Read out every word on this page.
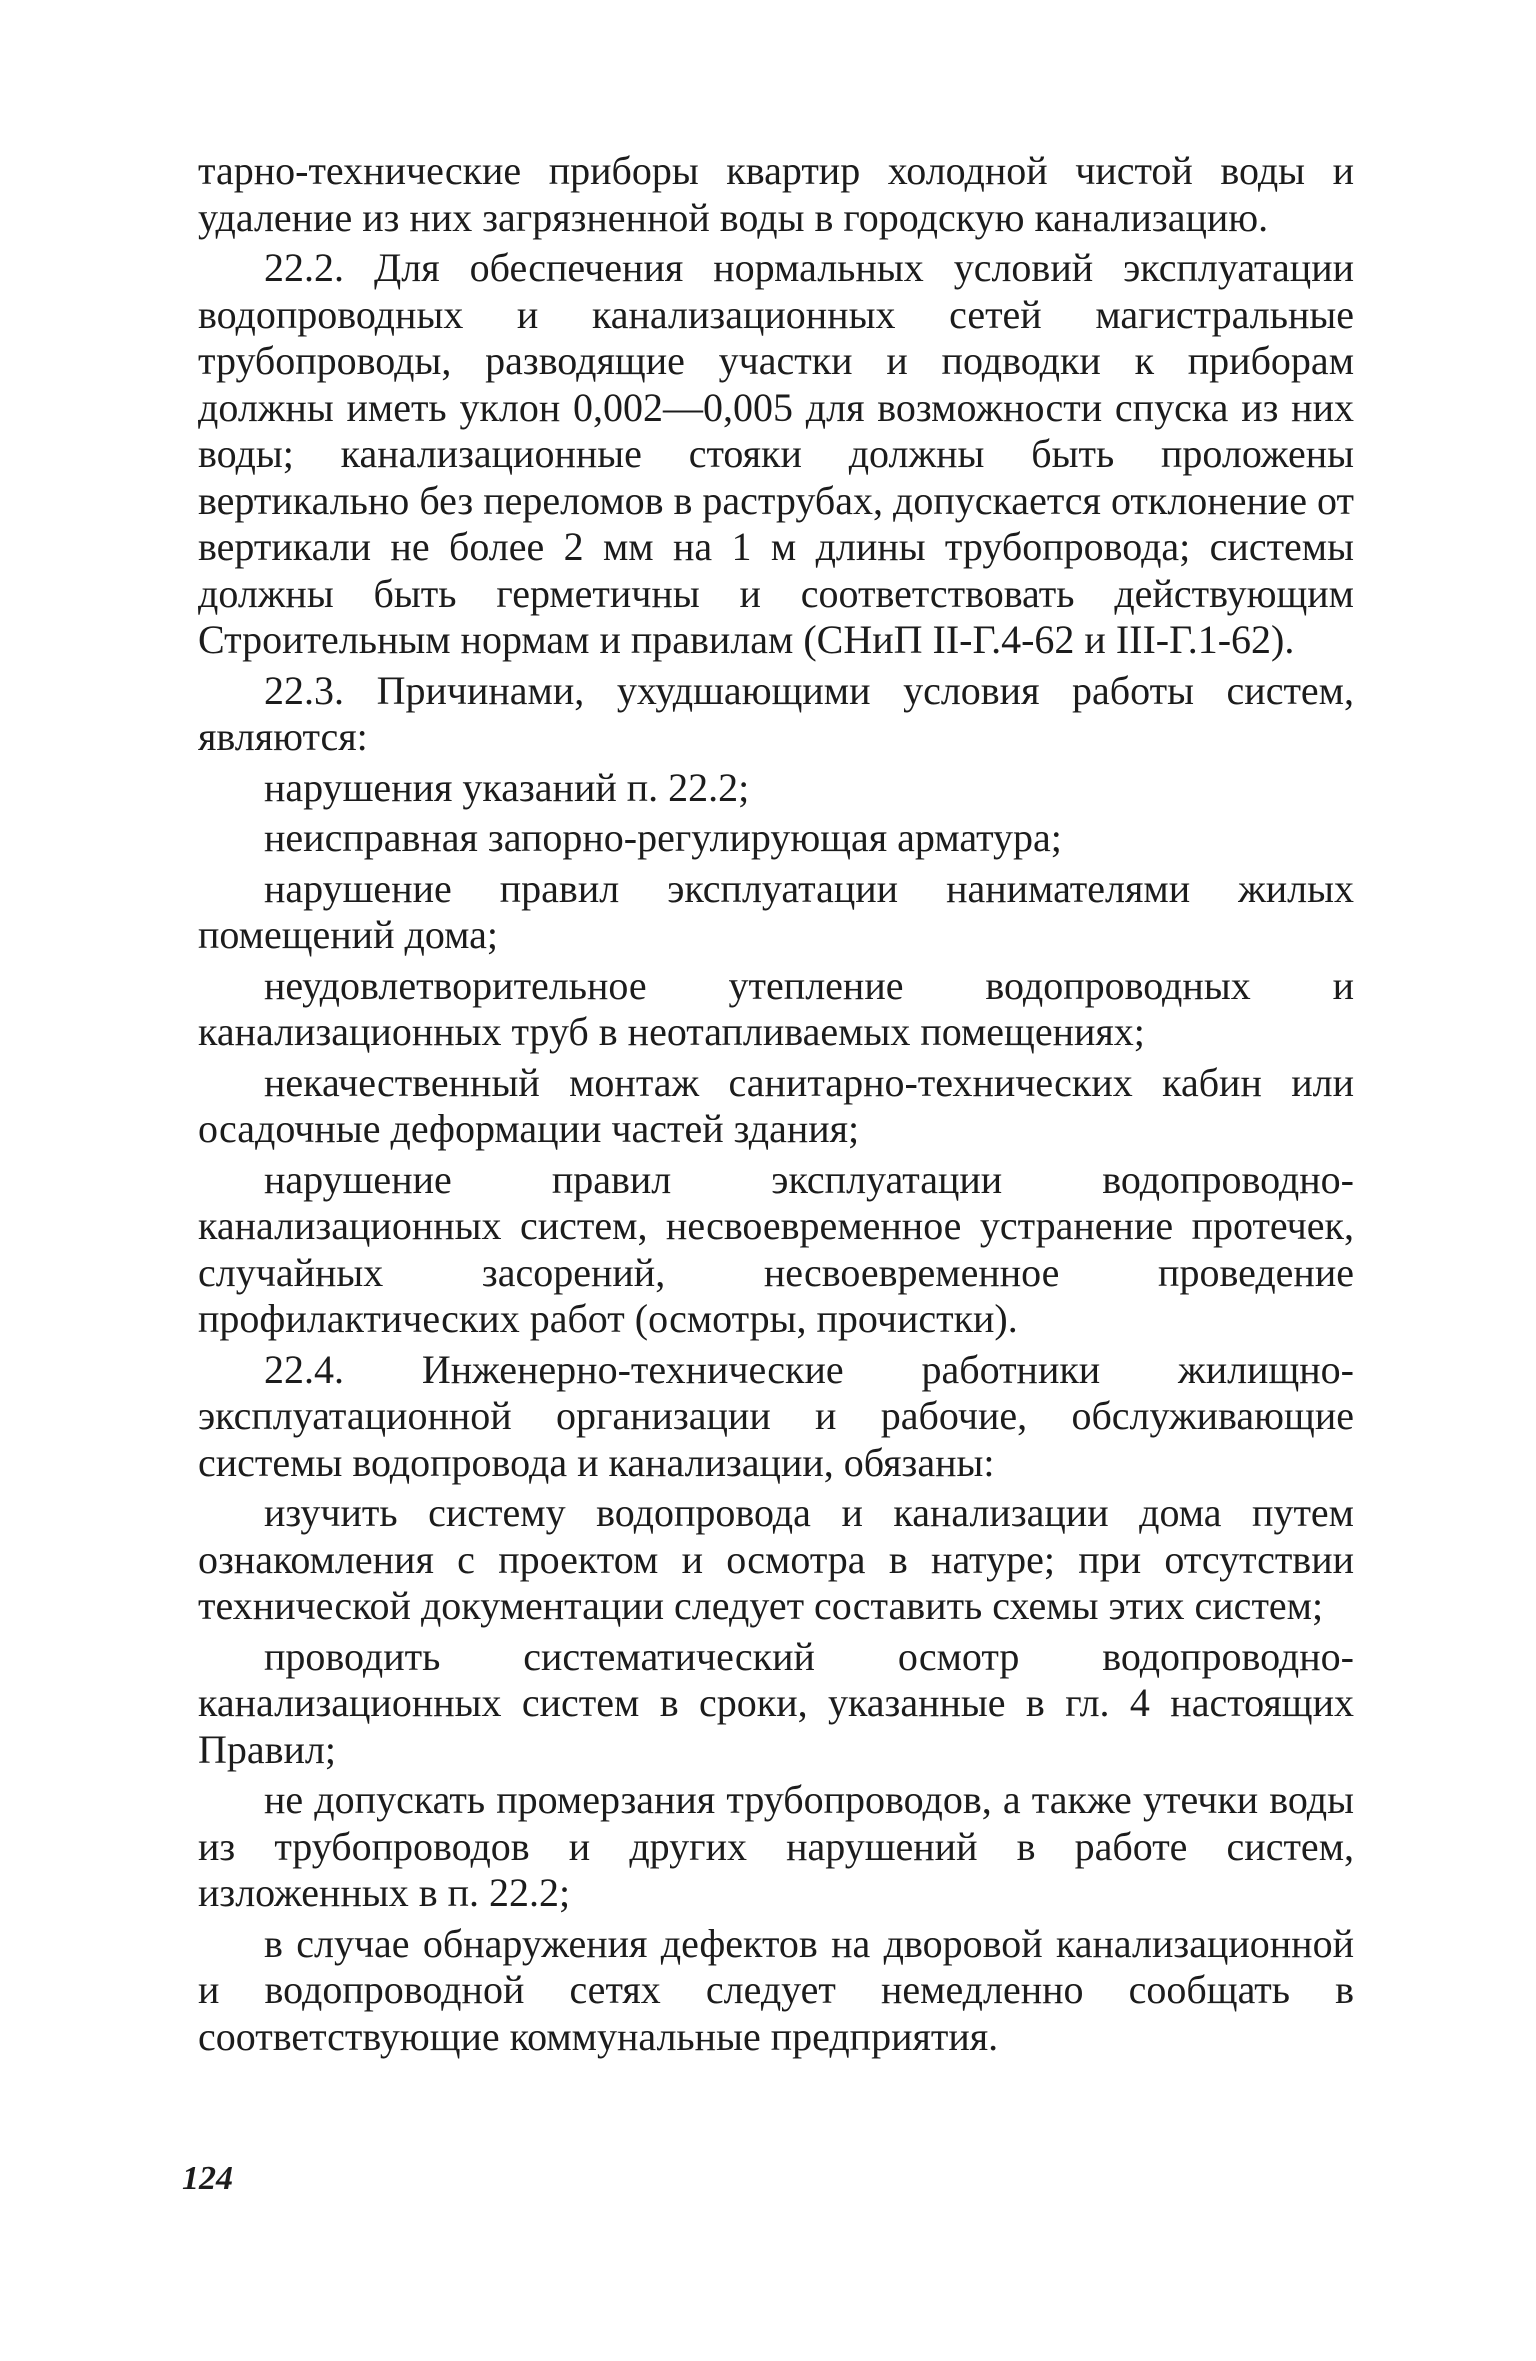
тарно-технические приборы квартир холодной чистой воды и удаление из них загрязненной воды в городскую канализацию.

22.2. Для обеспечения нормальных условий эксплуатации водопроводных и канализационных сетей магистральные трубопроводы, разводящие участки и подводки к приборам должны иметь уклон 0,002—0,005 для возможности спуска из них воды; канализационные стояки должны быть проложены вертикально без переломов в раструбах, допускается отклонение от вертикали не более 2 мм на 1 м длины трубопровода; системы должны быть герметичны и соответствовать действующим Строительным нормам и правилам (СНиП II-Г.4-62 и III-Г.1-62).

22.3. Причинами, ухудшающими условия работы систем, являются:

нарушения указаний п. 22.2;

неисправная запорно-регулирующая арматура;

нарушение правил эксплуатации нанимателями жилых помещений дома;

неудовлетворительное утепление водопроводных и канализационных труб в неотапливаемых помещениях;

некачественный монтаж санитарно-технических кабин или осадочные деформации частей здания;

нарушение правил эксплуатации водопроводно-канализационных систем, несвоевременное устранение протечек, случайных засорений, несвоевременное проведение профилактических работ (осмотры, прочистки).

22.4. Инженерно-технические работники жилищно-эксплуатационной организации и рабочие, обслуживающие системы водопровода и канализации, обязаны:

изучить систему водопровода и канализации дома путем ознакомления с проектом и осмотра в натуре; при отсутствии технической документации следует составить схемы этих систем;

проводить систематический осмотр водопроводно-канализационных систем в сроки, указанные в гл. 4 настоящих Правил;

не допускать промерзания трубопроводов, а также утечки воды из трубопроводов и других нарушений в работе систем, изложенных в п. 22.2;

в случае обнаружения дефектов на дворовой канализационной и водопроводной сетях следует немедленно сообщать в соответствующие коммунальные предприятия.

124
